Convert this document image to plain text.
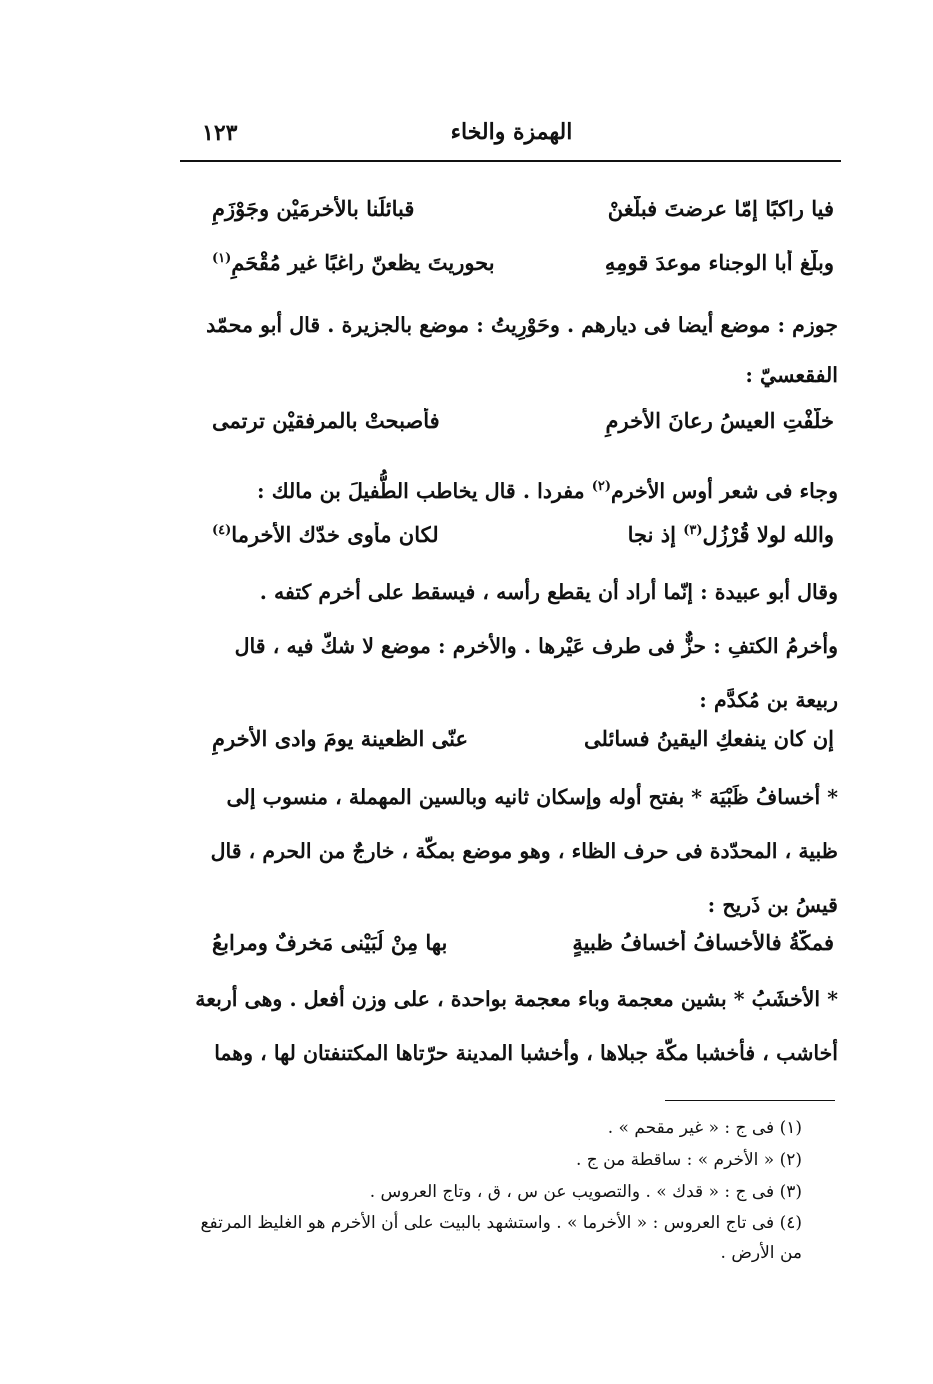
الهمزة والخاء
١٢٣
فيا راكبًا إمّا عرضتَ فبلّغنْ
قبائلَنا بالأخرمَيْن وجَوْزَمِ
وبلّغ أبا الوجناء موعدَ قومِهِ
بحوريتَ يظعنّ راغبًا غير مُقْحَمِ$^{(١)}$

جوزم : موضع أيضا فى ديارهم . وحَوْرِيتُ : موضع بالجزيرة . قال أبو محمّد

الفقعسيّ :

خلّفْتِ العيسُ رعانَ الأخرمِ
فأصبحتْ بالمرفقيْن ترتمى

وجاء فى شعر أوس الأخرم$^{(٢)}$ مفردا . قال يخاطب الطُّفيلَ بن مالك :

والله لولا قُرْزُل$^{(٣)}$ إذ نجا
لكان مأوى خدّك الأخرما$^{(٤)}$

وقال أبو عبيدة : إنّما أراد أن يقطع رأسه ، فيسقط على أخرم كتفه .

وأخرمُ الكتفِ : حزٌّ فى طرف عَيْرها . والأخرم : موضع لا شكّ فيه ، قال

ربيعة بن مُكدَّم :

إن كان ينفعكِ اليقينُ فسائلى
عنّى الظعينة يومَ وادى الأخرمِ

* أخسافُ ظَبْيَة * بفتح أوله وإسكان ثانيه وبالسين المهملة ، منسوب إلى

ظبية ، المحدّدة فى حرف الظاء ، وهو موضع بمكّة ، خارجٌ من الحرم ، قال

قيسُ بن ذَريح :

فمكّةُ فالأخسافُ أخسافُ ظبيةٍ
بها مِنْ لُبَيْنى مَخرفٌ ومرابعُ

* الأخشَبُ * بشين معجمة وباء معجمة بواحدة ، على وزن أفعل . وهى أربعة

أخاشب ، فأخشبا مكّة جبلاها ، وأخشبا المدينة حرّتاها المكتنفتان لها ، وهما

(١) فى ج : « غير مقحم » .
(٢) « الأخرم » : ساقطة من ج .
(٣) فى ج : « قدك » . والتصويب عن س ، ق ، وتاج العروس .
(٤) فى تاج العروس : « الأخرما » . واستشهد بالبيت على أن الأخرم هو الغليظ المرتفع من الأرض .
